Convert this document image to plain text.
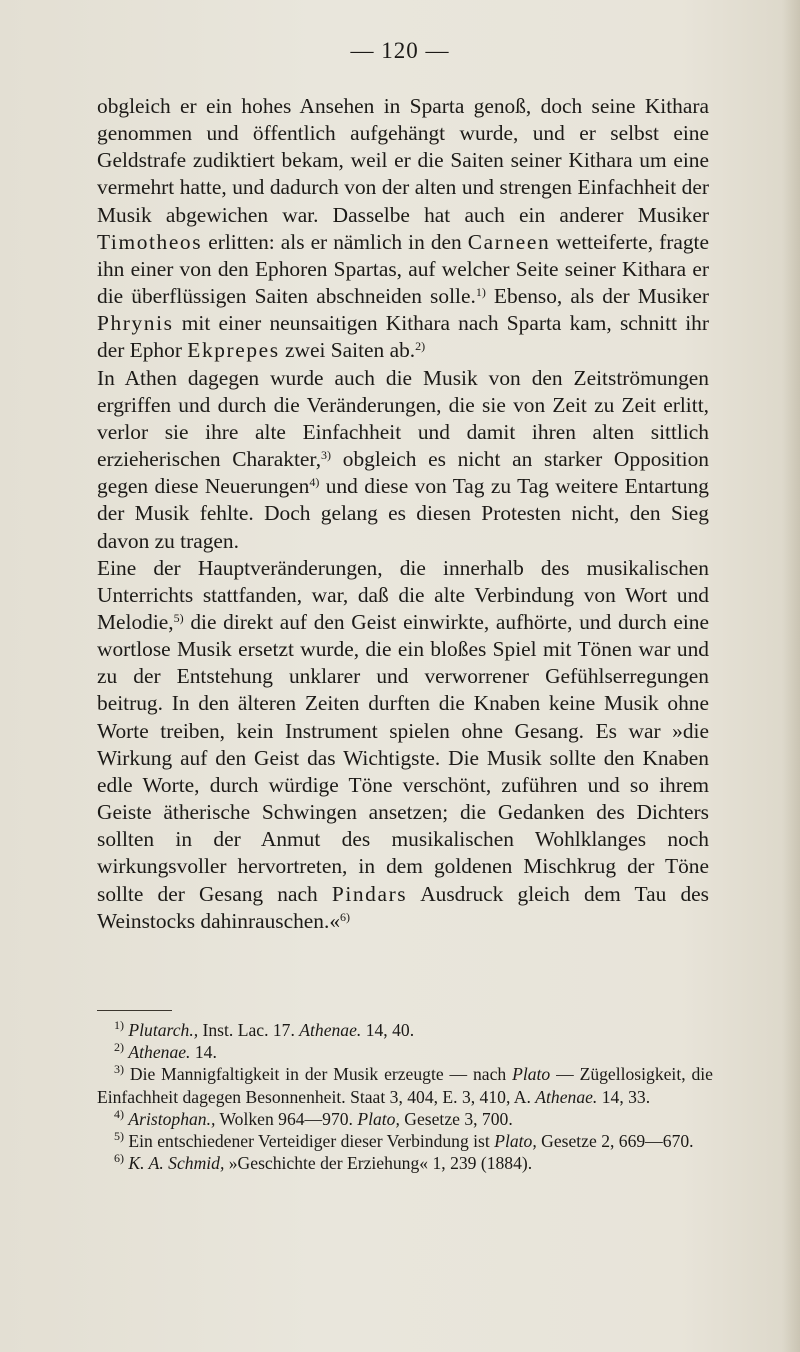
— 120 —

obgleich er ein hohes Ansehen in Sparta genoß, doch seine Kithara genommen und öffentlich aufgehängt wurde, und er selbst eine Geldstrafe zudiktiert bekam, weil er die Saiten seiner Kithara um eine vermehrt hatte, und dadurch von der alten und strengen Einfachheit der Musik abgewichen war. Dasselbe hat auch ein anderer Musiker Timotheos erlitten: als er nämlich in den Carneen wetteiferte, fragte ihn einer von den Ephoren Spartas, auf welcher Seite seiner Kithara er die überflüssigen Saiten abschneiden solle.$^{1)}$ Ebenso, als der Musiker Phrynis mit einer neunsaitigen Kithara nach Sparta kam, schnitt ihr der Ephor Ekprepes zwei Saiten ab.$^{2)}$

In Athen dagegen wurde auch die Musik von den Zeitströmungen ergriffen und durch die Veränderungen, die sie von Zeit zu Zeit erlitt, verlor sie ihre alte Einfachheit und damit ihren alten sittlich erzieherischen Charakter,$^{3)}$ obgleich es nicht an starker Opposition gegen diese Neuerungen$^{4)}$ und diese von Tag zu Tag weitere Entartung der Musik fehlte. Doch gelang es diesen Protesten nicht, den Sieg davon zu tragen.

Eine der Hauptveränderungen, die innerhalb des musikalischen Unterrichts stattfanden, war, daß die alte Verbindung von Wort und Melodie,$^{5)}$ die direkt auf den Geist einwirkte, aufhörte, und durch eine wortlose Musik ersetzt wurde, die ein bloßes Spiel mit Tönen war und zu der Entstehung unklarer und verworrener Gefühlserregungen beitrug. In den älteren Zeiten durften die Knaben keine Musik ohne Worte treiben, kein Instrument spielen ohne Gesang. Es war »die Wirkung auf den Geist das Wichtigste. Die Musik sollte den Knaben edle Worte, durch würdige Töne verschönt, zuführen und so ihrem Geiste ätherische Schwingen ansetzen; die Gedanken des Dichters sollten in der Anmut des musikalischen Wohlklanges noch wirkungsvoller hervortreten, in dem goldenen Mischkrug der Töne sollte der Gesang nach Pindars Ausdruck gleich dem Tau des Weinstocks dahinrauschen.«$^{6)}$

$^{1)}$ Plutarch., Inst. Lac. 17. Athenae. 14, 40.

$^{2)}$ Athenae. 14.

$^{3)}$ Die Mannigfaltigkeit in der Musik erzeugte — nach Plato — Zügellosigkeit, die Einfachheit dagegen Besonnenheit. Staat 3, 404, E. 3, 410, A. Athenae. 14, 33.

$^{4)}$ Aristophan., Wolken 964—970. Plato, Gesetze 3, 700.

$^{5)}$ Ein entschiedener Verteidiger dieser Verbindung ist Plato, Gesetze 2, 669—670.

$^{6)}$ K. A. Schmid, »Geschichte der Erziehung« 1, 239 (1884).
